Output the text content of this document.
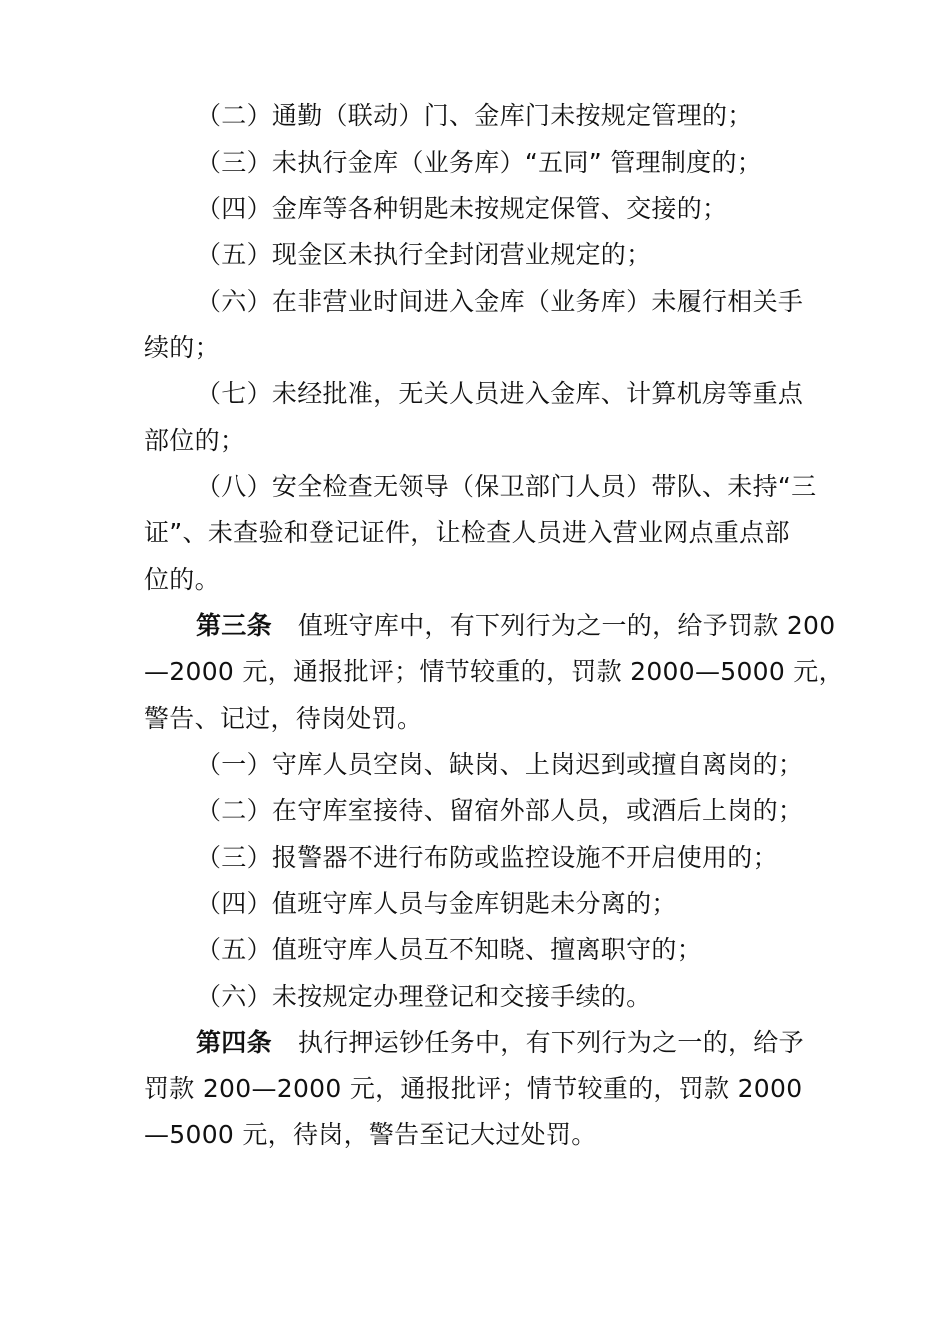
（二）通勤（联动）门、金库门未按规定管理的；
（三）未执行金库（业务库）“五同” 管理制度的；
（四）金库等各种钥匙未按规定保管、交接的；
（五）现金区未执行全封闭营业规定的；
（六）在非营业时间进入金库（业务库）未履行相关手
续的；
（七）未经批准，无关人员进入金库、计算机房等重点
部位的；
（八）安全检查无领导（保卫部门人员）带队、未持“三
证”、未查验和登记证件，让检查人员进入营业网点重点部
位的。
第三条 值班守库中，有下列行为之一的，给予罚款 200
—2000 元，通报批评；情节较重的，罚款 2000—5000 元，
警告、记过，待岗处罚。
（一）守库人员空岗、缺岗、上岗迟到或擅自离岗的；
（二）在守库室接待、留宿外部人员，或酒后上岗的；
（三）报警器不进行布防或监控设施不开启使用的；
（四）值班守库人员与金库钥匙未分离的；
（五）值班守库人员互不知晓、擅离职守的；
（六）未按规定办理登记和交接手续的。
第四条 执行押运钞任务中，有下列行为之一的，给予
罚款 200—2000 元，通报批评；情节较重的，罚款 2000
—5000 元，待岗，警告至记大过处罚。
